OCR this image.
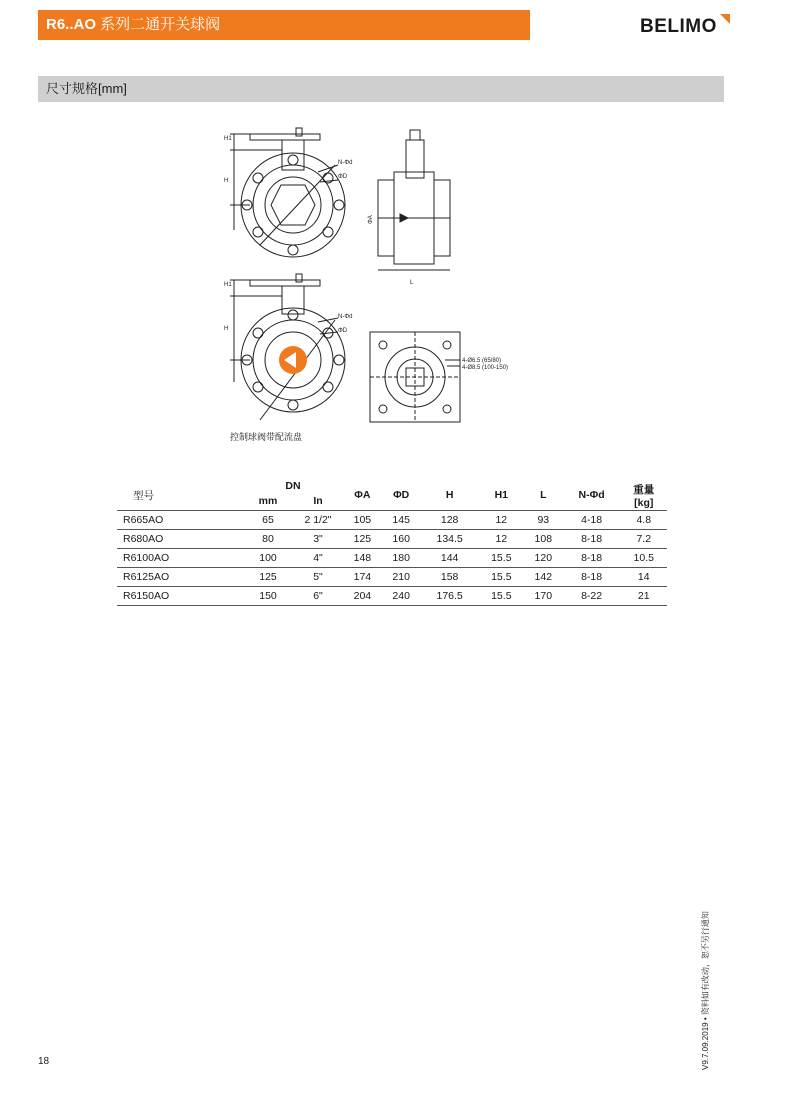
R6..AO 系列二通开关球阀	BELIMO
尺寸规格[mm]
H1
H
N-Φd
ΦD
L
H1
H
N-Φd
ΦD
4-Ø6.5 (65/80)
4-Ø8.5 (100-150)
ΦA
控制球阀带配流盘
型号	DN		ΦA	ΦD	H	H1	L	N-Φd	重量
[kg]
	mm	In							
R665AO	65	2 1/2"	105	145	128	12	93	4-18	4.8
R680AO	80	3"	125	160	134.5	12	108	8-18	7.2
R6100AO	100	4"	148	180	144	15.5	120	8-18	10.5
R6125AO	125	5"	174	210	158	15.5	142	8-18	14
R6150AO	150	6"	204	240	176.5	15.5	170	8-22	21
18	V9.7.09.2019 • 资料如有改动，恕不另行通知
